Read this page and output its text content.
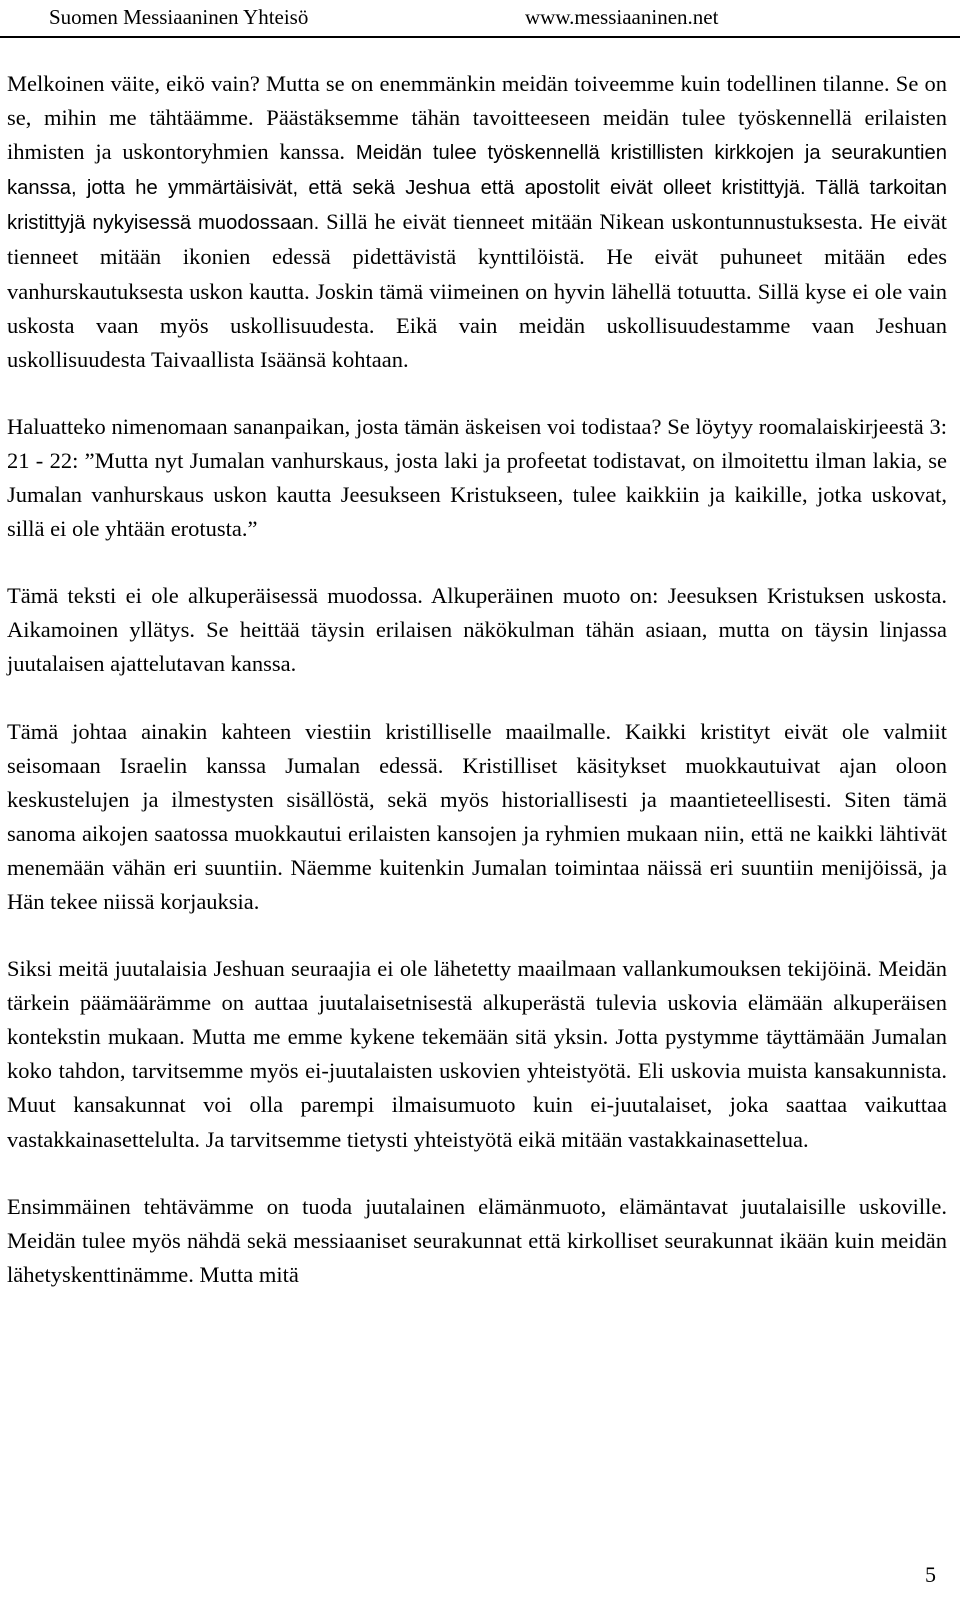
Suomen Messiaaninen Yhteisö	www.messiaaninen.net

Melkoinen väite, eikö vain? Mutta se on enemmänkin meidän toiveemme kuin todellinen tilanne. Se on se, mihin me tähtäämme. Päästäksemme tähän tavoitteeseen meidän tulee työskennellä erilaisten ihmisten ja uskontoryhmien kanssa. Meidän tulee työskennellä kristillisten kirkkojen ja seurakuntien kanssa, jotta he ymmärtäisivät, että sekä Jeshua että apostolit eivät olleet kristittyjä. Tällä tarkoitan kristittyjä nykyisessä muodossaan. Sillä he eivät tienneet mitään Nikean uskontunnustuksesta. He eivät tienneet mitään ikonien edessä pidettävistä kynttilöistä. He eivät puhuneet mitään edes vanhurskautuksesta uskon kautta. Joskin tämä viimeinen on hyvin lähellä totuutta. Sillä kyse ei ole vain uskosta vaan myös uskollisuudesta. Eikä vain meidän uskollisuudestamme vaan Jeshuan uskollisuudesta Taivaallista Isäänsä kohtaan.

Haluatteko nimenomaan sananpaikan, josta tämän äskeisen voi todistaa? Se löytyy roomalaiskirjeestä 3: 21 - 22: ”Mutta nyt Jumalan vanhurskaus, josta laki ja profeetat todistavat, on ilmoitettu ilman lakia, se Jumalan vanhurskaus uskon kautta Jeesukseen Kristukseen, tulee kaikkiin ja kaikille, jotka uskovat, sillä ei ole yhtään erotusta.”

Tämä teksti ei ole alkuperäisessä muodossa. Alkuperäinen muoto on: Jeesuksen Kristuksen uskosta. Aikamoinen yllätys. Se heittää täysin erilaisen näkökulman tähän asiaan, mutta on täysin linjassa juutalaisen ajattelutavan kanssa.

Tämä johtaa ainakin kahteen viestiin kristilliselle maailmalle. Kaikki kristityt eivät ole valmiit seisomaan Israelin kanssa Jumalan edessä. Kristilliset käsitykset muokkautuivat ajan oloon keskustelujen ja ilmestysten sisällöstä, sekä myös historiallisesti ja maantieteellisesti. Siten tämä sanoma aikojen saatossa muokkautui erilaisten kansojen ja ryhmien mukaan niin, että ne kaikki lähtivät menemään vähän eri suuntiin. Näemme kuitenkin Jumalan toimintaa näissä eri suuntiin menijöissä, ja Hän tekee niissä korjauksia.

Siksi meitä juutalaisia Jeshuan seuraajia ei ole lähetetty maailmaan vallankumouksen tekijöinä. Meidän tärkein päämäärämme on auttaa juutalaisetnisestä alkuperästä tulevia uskovia elämään alkuperäisen kontekstin mukaan. Mutta me emme kykene tekemään sitä yksin. Jotta pystymme täyttämään Jumalan koko tahdon, tarvitsemme myös ei-juutalaisten uskovien yhteistyötä. Eli uskovia muista kansakunnista. Muut kansakunnat voi olla parempi ilmaisumuoto kuin ei-juutalaiset, joka saattaa vaikuttaa vastakkainasettelulta. Ja tarvitsemme tietysti yhteistyötä eikä mitään vastakkainasettelua.

Ensimmäinen tehtävämme on tuoda juutalainen elämänmuoto, elämäntavat juutalaisille uskoville. Meidän tulee myös nähdä sekä messiaaniset seurakunnat että kirkolliset seurakunnat ikään kuin meidän lähetyskenttinämme. Mutta mitä

5
